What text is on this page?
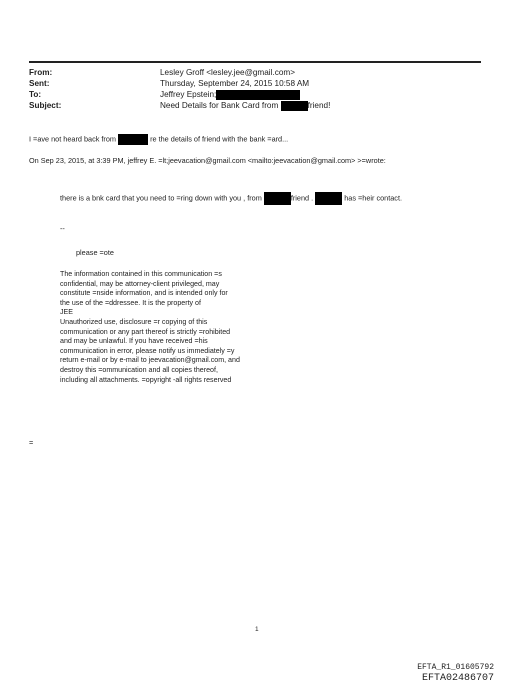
From:	Lesley Groff <lesley.jee@gmail.com>
Sent:	Thursday, September 24, 2015 10:58 AM
To:	Jeffrey Epstein;
Subject:	Need Details for Bank Card from	friend!
I =ave not heard back from	re the details of friend with the bank =ard...
On Sep 23, 2015, at 3:39 PM, jeffrey E. =lt;jeevacation@gmail.com <mailto:jeevacation@gmail.com> >=wrote:
there is a bnk card that you need to =ring down with you , from	friend .	has =heir contact.
--
please =ote
The information contained in this communication =s
confidential, may be attorney-client privileged, may
constitute =nside information, and is intended only for
the use of the =ddressee. It is the property of
JEE
Unauthorized use, disclosure =r copying of this
communication or any part thereof is strictly =rohibited
and may be unlawful. If you have received =his
communication in error, please notify us immediately =y
return e-mail or by e-mail to jeevacation@gmail.com, and
destroy this =ommunication and all copies thereof,
including all attachments. =opyright -all rights reserved
=
1
EFTA_R1_01605792
EFTA02486707
